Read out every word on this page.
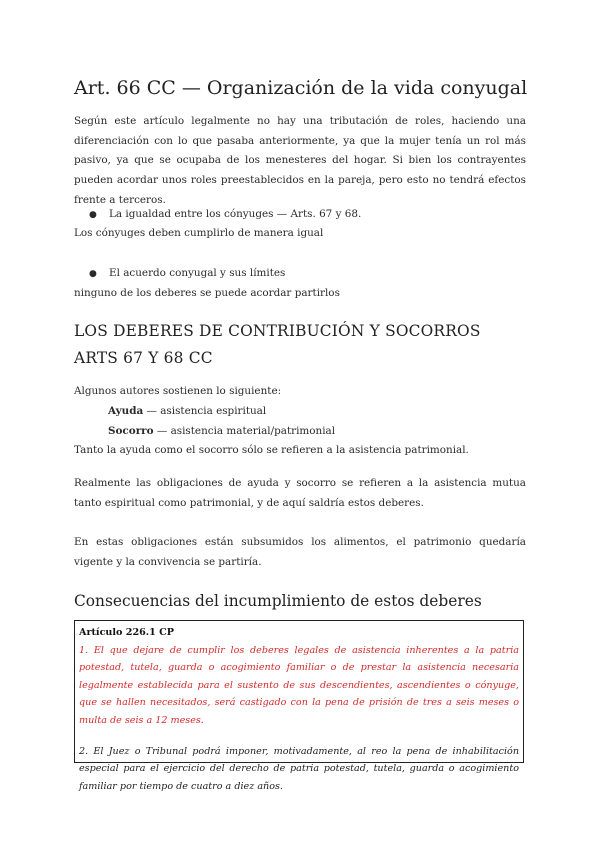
Art. 66 CC — Organización de la vida conyugal

Según este artículo legalmente no hay una tributación de roles, haciendo una diferenciación con lo que pasaba anteriormente, ya que la mujer tenía un rol más pasivo, ya que se ocupaba de los menesteres del hogar. Si bien los contrayentes pueden acordar unos roles preestablecidos en la pareja, pero esto no tendrá efectos frente a terceros.

● La igualdad entre los cónyuges — Arts. 67 y 68.
Los cónyuges deben cumplirlo de manera igual
● El acuerdo conyugal y sus límites
ninguno de los deberes se puede acordar partirlos
LOS DEBERES DE CONTRIBUCIÓN Y SOCORROS ARTS 67 Y 68 CC
Algunos autores sostienen lo siguiente:
Ayuda — asistencia espiritual
Socorro — asistencia material/patrimonial
Tanto la ayuda como el socorro sólo se refieren a la asistencia patrimonial.

Realmente las obligaciones de ayuda y socorro se refieren a la asistencia mutua tanto espiritual como patrimonial, y de aquí saldría estos deberes.

En estas obligaciones están subsumidos los alimentos, el patrimonio quedaría vigente y la convivencia se partiría.

Consecuencias del incumplimiento de estos deberes

Artículo 226.1 CP

1. El que dejare de cumplir los deberes legales de asistencia inherentes a la patria potestad, tutela, guarda o acogimiento familiar o de prestar la asistencia necesaria legalmente establecida para el sustento de sus descendientes, ascendientes o cónyuge, que se hallen necesitados, será castigado con la pena de prisión de tres a seis meses o multa de seis a 12 meses.

2. El Juez o Tribunal podrá imponer, motivadamente, al reo la pena de inhabilitación especial para el ejercicio del derecho de patria potestad, tutela, guarda o acogimiento familiar por tiempo de cuatro a diez años.
